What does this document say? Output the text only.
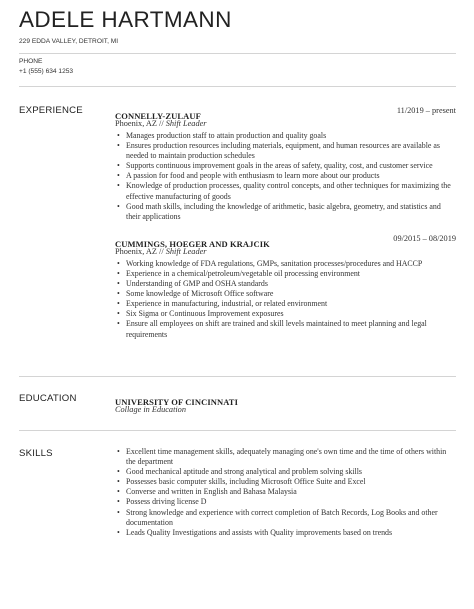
ADELE HARTMANN
229 EDDA VALLEY, DETROIT, MI
PHONE
+1 (555) 634 1253
EXPERIENCE	CONNELLY-ZULAUF
11/2019 – present
Phoenix, AZ // Shift Leader
• Manages production staff to attain production and quality goals
• Ensures production resources including materials, equipment, and human resources are available as needed to maintain production schedules
• Supports continuous improvement goals in the areas of safety, quality, cost, and customer service
• A passion for food and people with enthusiasm to learn more about our products
• Knowledge of production processes, quality control concepts, and other techniques for maximizing the effective manufacturing of goods
• Good math skills, including the knowledge of arithmetic, basic algebra, geometry, and statistics and their applications
CUMMINGS, HOEGER AND KRAJCIK
09/2015 – 08/2019
Phoenix, AZ // Shift Leader
• Working knowledge of FDA regulations, GMPs, sanitation processes/procedures and HACCP
• Experience in a chemical/petroleum/vegetable oil processing environment
• Understanding of GMP and OSHA standards
• Some knowledge of Microsoft Office software
• Experience in manufacturing, industrial, or related environment
• Six Sigma or Continuous Improvement exposures
• Ensure all employees on shift are trained and skill levels maintained to meet planning and legal requirements
EDUCATION	UNIVERSITY OF CINCINNATI
Collage in Education
SKILLS
•	Excellent time management skills, adequately managing one's own time and the time of others within the department
• Good mechanical aptitude and strong analytical and problem solving skills
• Possesses basic computer skills, including Microsoft Office Suite and Excel
• Converse and written in English and Bahasa Malaysia
• Possess driving license D
• Strong knowledge and experience with correct completion of Batch Records, Log Books and other documentation
• Leads Quality Investigations and assists with Quality improvements based on trends
